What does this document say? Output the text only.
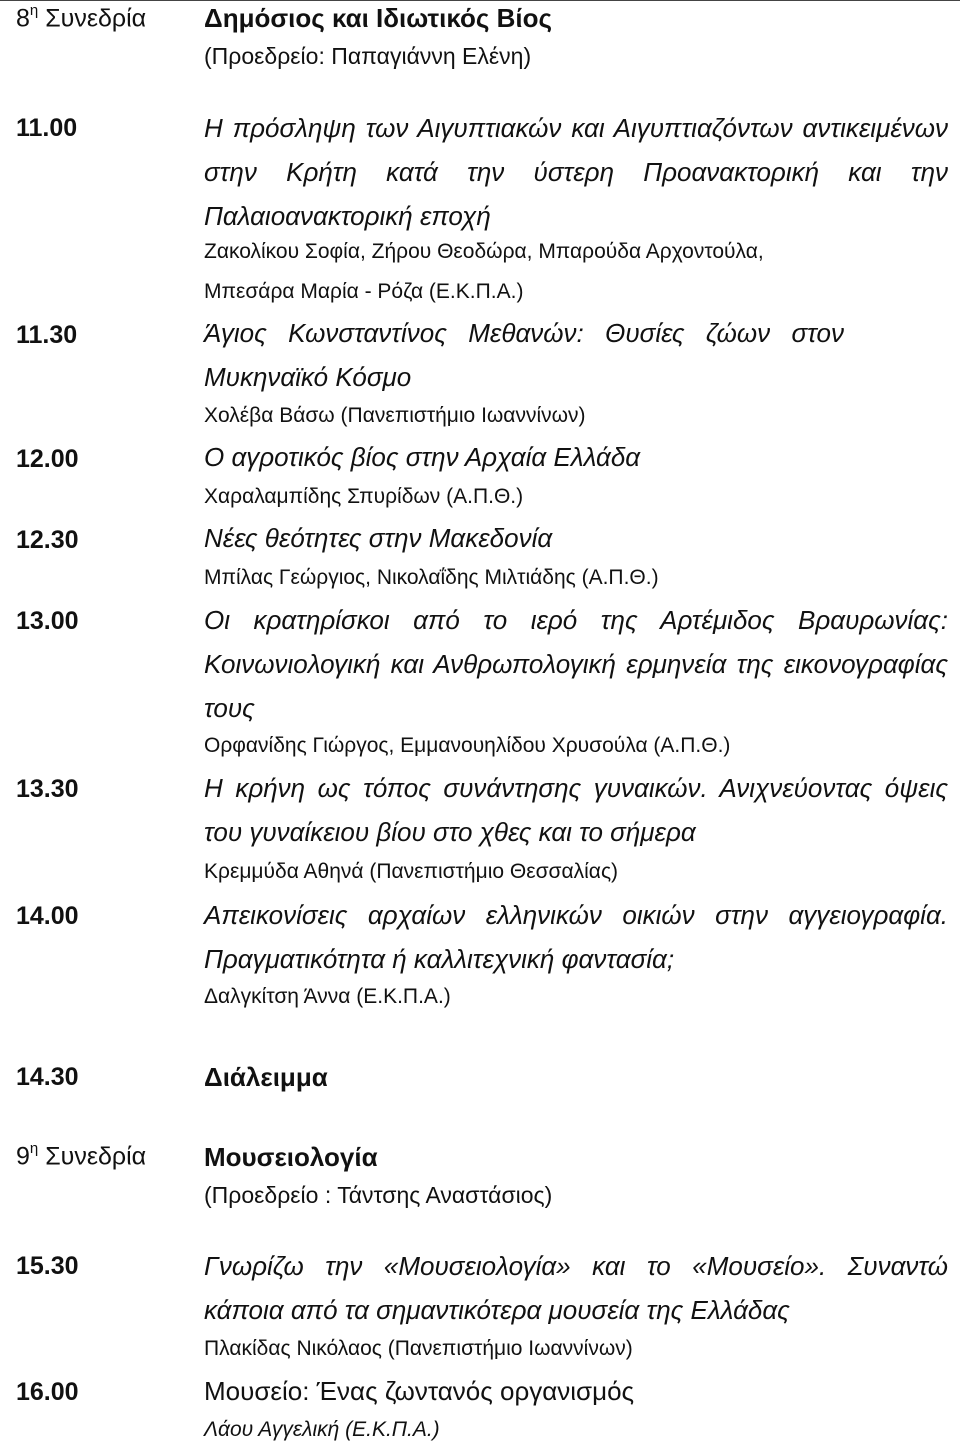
$8^\eta$ Συνεδρία Δημόσιος και Ιδιωτικός Βίος
(Προεδρείο: Παπαγιάννη Ελένη)
11.00	Η πρόσληψη των Αιγυπτιακών και Αιγυπτιαζόντων αντικειμένων στην Κρήτη κατά την ύστερη Προανακτορική και την Παλαιοανακτορική εποχή
Ζακολίκου Σοφία, Ζήρου Θεοδώρα, Μπαρούδα Αρχοντούλα,
Μπεσάρα Μαρία - Ρόζα (Ε.Κ.Π.Α.)
11.30	Άγιος Κωνσταντίνος Μεθανών: Θυσίες ζώων στον Μυκηναϊκό Κόσμο
Χολέβα Βάσω (Πανεπιστήμιο Ιωαννίνων)
12.00	Ο αγροτικός βίος στην Αρχαία Ελλάδα
Χαραλαμπίδης Σπυρίδων (Α.Π.Θ.)
12.30	Νέες θεότητες στην Μακεδονία
Μπίλας Γεώργιος, Νικολαΐδης Μιλτιάδης (Α.Π.Θ.)
13.00	Οι κρατηρίσκοι από το ιερό της Αρτέμιδος Βραυρωνίας: Κοινωνιολογική και Ανθρωπολογική ερμηνεία της εικονογραφίας τους
Ορφανίδης Γιώργος, Εμμανουηλίδου Χρυσούλα (Α.Π.Θ.)
13.30	Η κρήνη ως τόπος συνάντησης γυναικών. Ανιχνεύοντας όψεις του γυναίκειου βίου στο χθες και το σήμερα
Κρεμμύδα Αθηνά (Πανεπιστήμιο Θεσσαλίας)
14.00	Απεικονίσεις αρχαίων ελληνικών οικιών στην αγγειογραφία. Πραγματικότητα ή καλλιτεχνική φαντασία;
Δαλγκίτση Άννα (Ε.Κ.Π.Α.)
14.30	Διάλειμμα
$9^\eta$ Συνεδρία Μουσειολογία
(Προεδρείο : Τάντσης Αναστάσιος)
15.30	Γνωρίζω την «Μουσειολογία» και το «Μουσείο». Συναντώ κάποια από τα σημαντικότερα μουσεία της Ελλάδας
Πλακίδας Νικόλαος (Πανεπιστήμιο Ιωαννίνων)
16.00	Μουσείο: Ένας ζωντανός οργανισμός
Λάου Αγγελική (Ε.Κ.Π.Α.)
